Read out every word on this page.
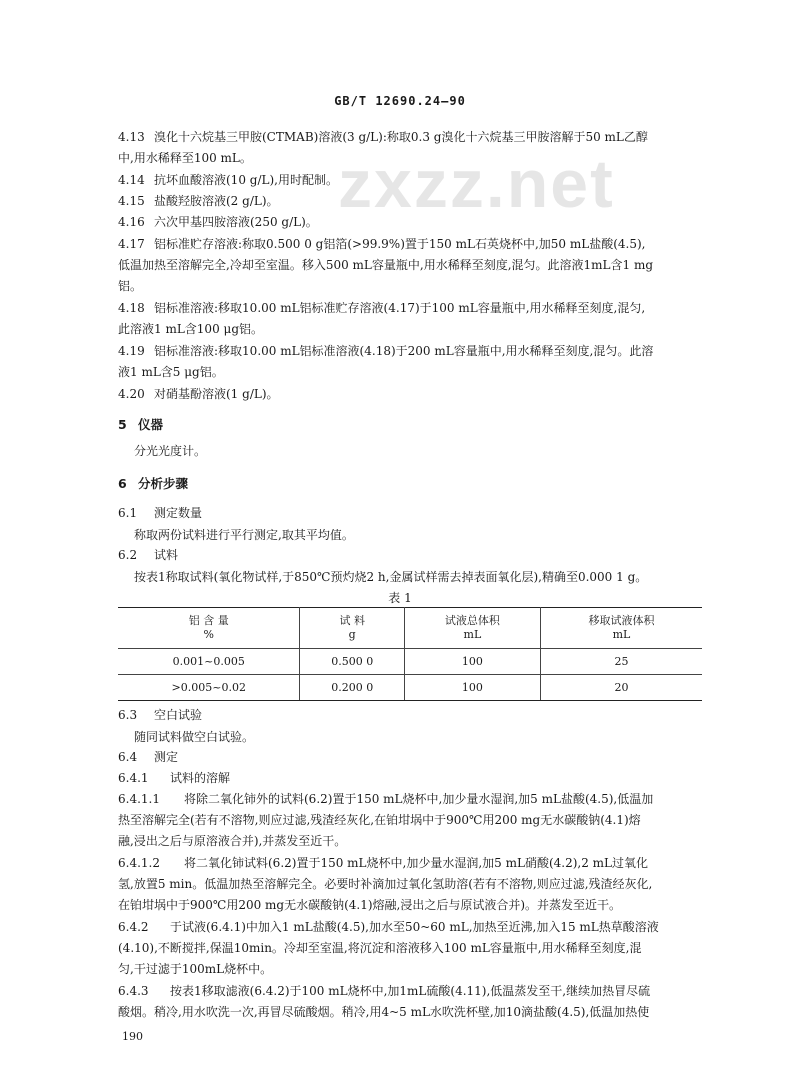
zxzz.net
GB/T 12690.24—90
4.13 溴化十六烷基三甲胺(CTMAB)溶液(3 g/L):称取0.3 g溴化十六烷基三甲胺溶解于50 mL乙醇
中,用水稀释至100 mL。
4.14 抗坏血酸溶液(10 g/L),用时配制。
4.15 盐酸羟胺溶液(2 g/L)。
4.16 六次甲基四胺溶液(250 g/L)。
4.17 铝标准贮存溶液:称取0.500 0 g铝箔(>99.9%)置于150 mL石英烧杯中,加50 mL盐酸(4.5),
低温加热至溶解完全,冷却至室温。移入500 mL容量瓶中,用水稀释至刻度,混匀。此溶液1mL含1 mg
铝。
4.18 铝标准溶液:移取10.00 mL铝标准贮存溶液(4.17)于100 mL容量瓶中,用水稀释至刻度,混匀,
此溶液1 mL含100 μg铝。
4.19 铝标准溶液:移取10.00 mL铝标准溶液(4.18)于200 mL容量瓶中,用水稀释至刻度,混匀。此溶
液1 mL含5 μg铝。
4.20 对硝基酚溶液(1 g/L)。
5 仪器
分光光度计。
6 分析步骤
6.1 测定数量
称取两份试料进行平行测定,取其平均值。
6.2 试料
按表1称取试料(氧化物试样,于850℃预灼烧2 h,金属试样需去掉表面氧化层),精确至0.000 1 g。
表 1
铝 含 量	试 料	试液总体积	移取试液体积
%	g	mL	mL
0.001~0.005	0.500 0	100	25
>0.005~0.02	0.200 0	100	20
6.3 空白试验
随同试料做空白试验。
6.4 测定
6.4.1 试料的溶解
6.4.1.1 将除二氧化铈外的试料(6.2)置于150 mL烧杯中,加少量水湿润,加5 mL盐酸(4.5),低温加
热至溶解完全(若有不溶物,则应过滤,残渣经灰化,在铂坩埚中于900℃用200 mg无水碳酸钠(4.1)熔
融,浸出之后与原溶液合并),并蒸发至近干。
6.4.1.2 将二氧化铈试料(6.2)置于150 mL烧杯中,加少量水湿润,加5 mL硝酸(4.2),2 mL过氧化
氢,放置5 min。低温加热至溶解完全。必要时补滴加过氧化氢助溶(若有不溶物,则应过滤,残渣经灰化,
在铂坩埚中于900℃用200 mg无水碳酸钠(4.1)熔融,浸出之后与原试液合并)。并蒸发至近干。
6.4.2 于试液(6.4.1)中加入1 mL盐酸(4.5),加水至50~60 mL,加热至近沸,加入15 mL热草酸溶液
(4.10),不断搅拌,保温10min。冷却至室温,将沉淀和溶液移入100 mL容量瓶中,用水稀释至刻度,混
匀,干过滤于100mL烧杯中。
6.4.3 按表1移取滤液(6.4.2)于100 mL烧杯中,加1mL硫酸(4.11),低温蒸发至干,继续加热冒尽硫
酸烟。稍冷,用水吹洗一次,再冒尽硫酸烟。稍冷,用4~5 mL水吹洗杯壁,加10滴盐酸(4.5),低温加热使
190
